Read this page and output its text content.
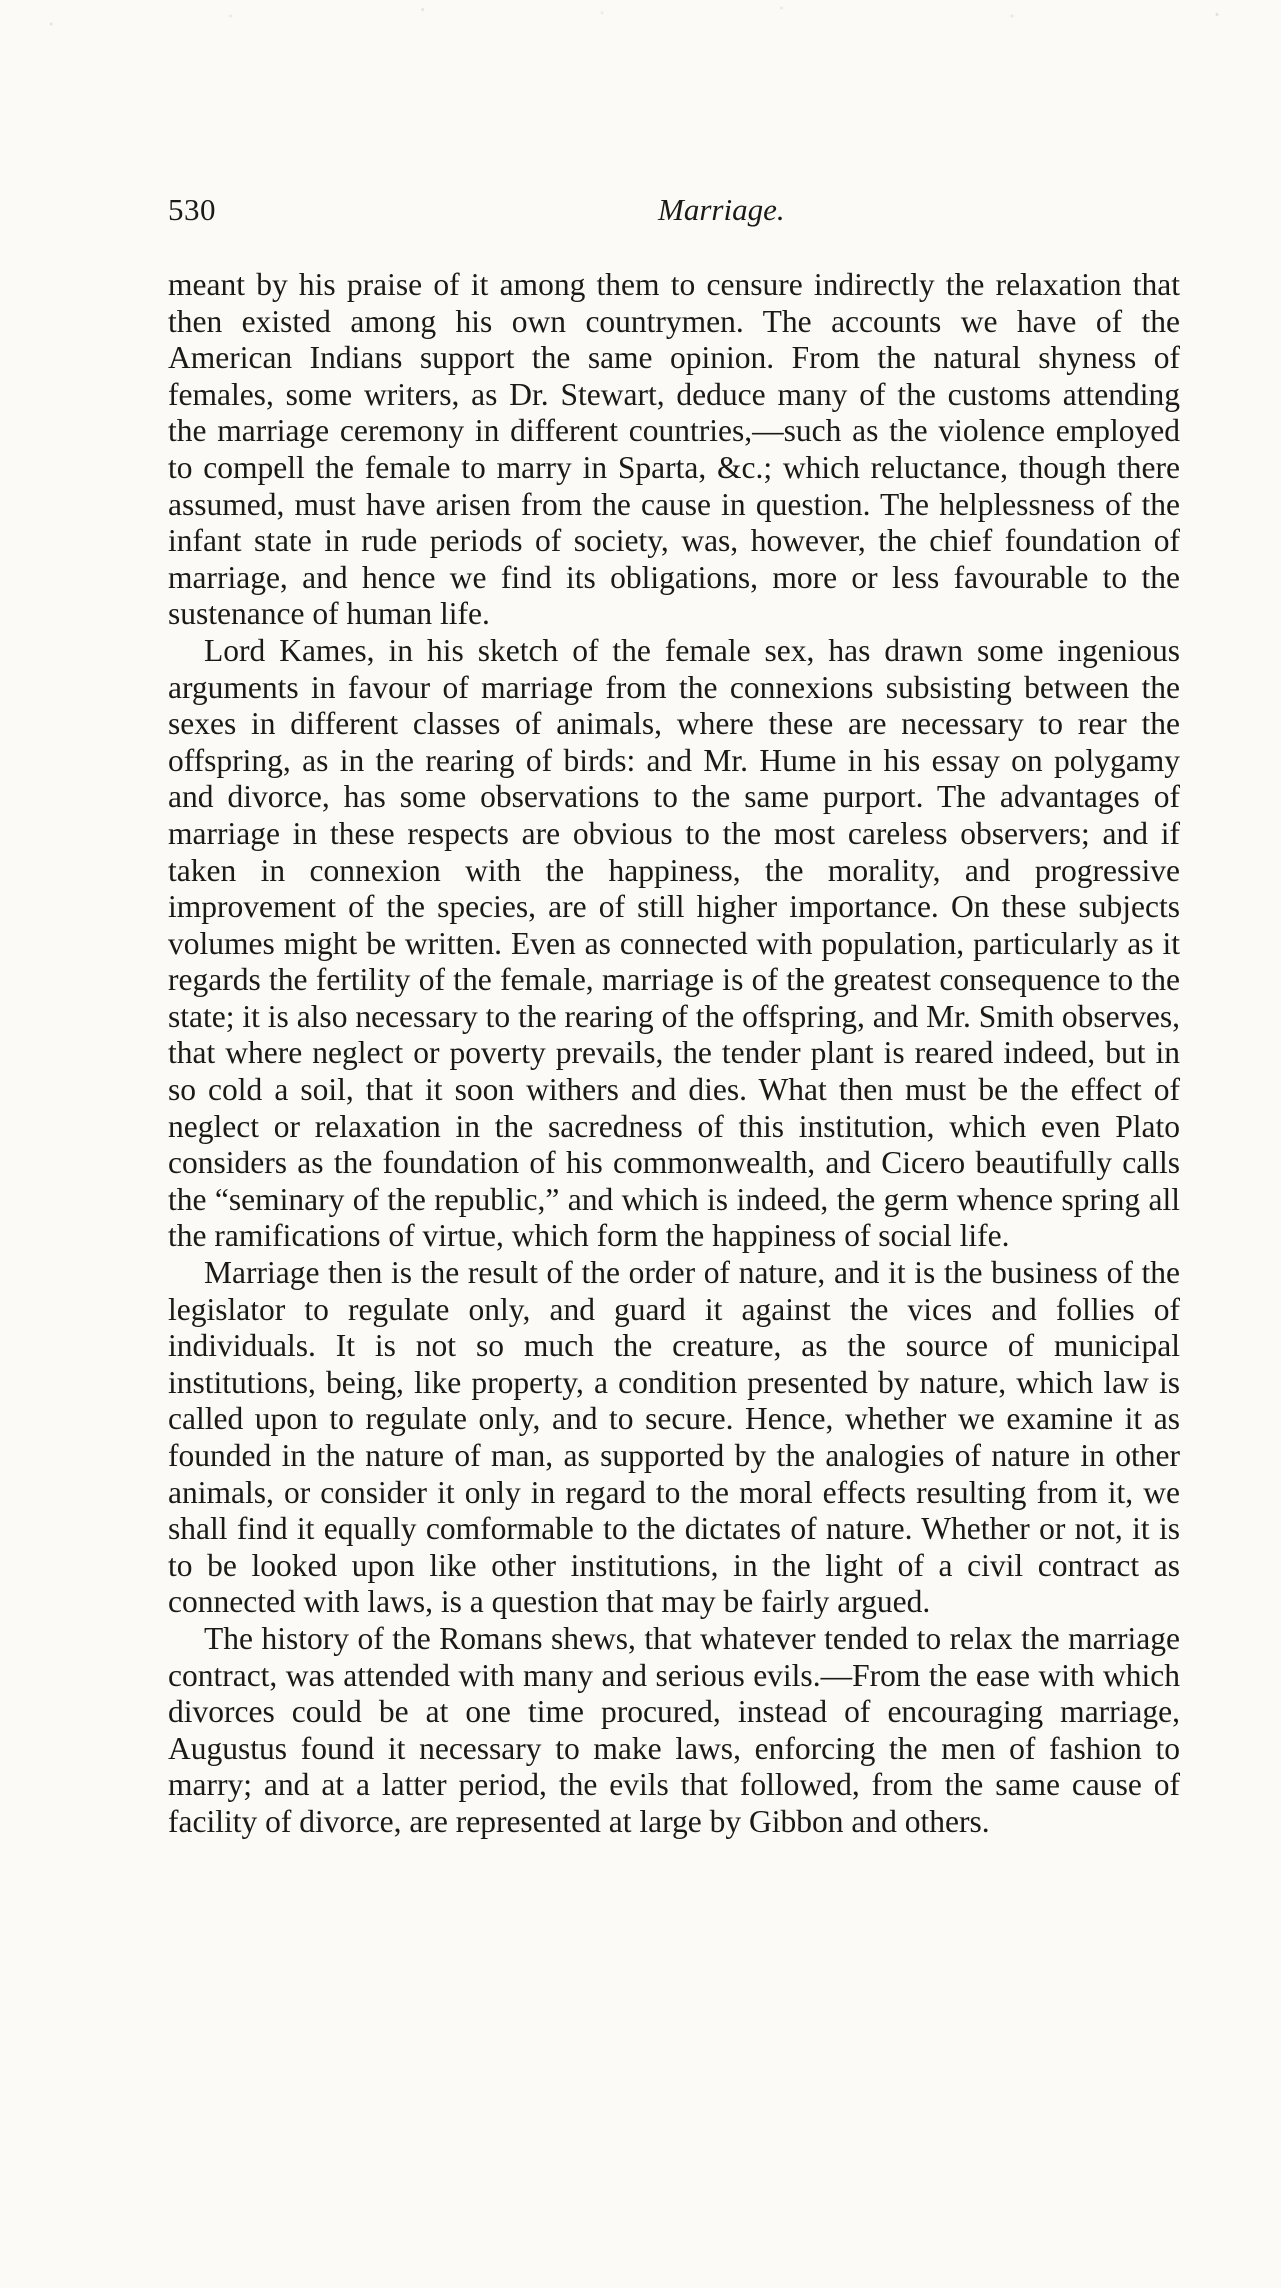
530	Marriage.

meant by his praise of it among them to censure indirectly the relaxation that then existed among his own countrymen. The accounts we have of the American Indians support the same opinion. From the natural shyness of females, some writers, as Dr. Stewart, deduce many of the customs attending the marriage ceremony in different countries,—such as the violence employed to compell the female to marry in Sparta, &c.; which reluctance, though there assumed, must have arisen from the cause in question. The helplessness of the infant state in rude periods of society, was, however, the chief foundation of marriage, and hence we find its obligations, more or less favourable to the sustenance of human life.

Lord Kames, in his sketch of the female sex, has drawn some ingenious arguments in favour of marriage from the connexions subsisting between the sexes in different classes of animals, where these are necessary to rear the offspring, as in the rearing of birds: and Mr. Hume in his essay on polygamy and divorce, has some observations to the same purport. The advantages of marriage in these respects are obvious to the most careless observers; and if taken in connexion with the happiness, the morality, and progressive improvement of the species, are of still higher importance. On these subjects volumes might be written. Even as connected with population, particularly as it regards the fertility of the female, marriage is of the greatest consequence to the state; it is also necessary to the rearing of the offspring, and Mr. Smith observes, that where neglect or poverty prevails, the tender plant is reared indeed, but in so cold a soil, that it soon withers and dies. What then must be the effect of neglect or relaxation in the sacredness of this institution, which even Plato considers as the foundation of his commonwealth, and Cicero beautifully calls the “seminary of the republic,” and which is indeed, the germ whence spring all the ramifications of virtue, which form the happiness of social life.

Marriage then is the result of the order of nature, and it is the business of the legislator to regulate only, and guard it against the vices and follies of individuals. It is not so much the creature, as the source of municipal institutions, being, like property, a condition presented by nature, which law is called upon to regulate only, and to secure. Hence, whether we examine it as founded in the nature of man, as supported by the analogies of nature in other animals, or consider it only in regard to the moral effects resulting from it, we shall find it equally comformable to the dictates of nature. Whether or not, it is to be looked upon like other institutions, in the light of a civil contract as connected with laws, is a question that may be fairly argued.

The history of the Romans shews, that whatever tended to relax the marriage contract, was attended with many and serious evils.—From the ease with which divorces could be at one time procured, instead of encouraging marriage, Augustus found it necessary to make laws, enforcing the men of fashion to marry; and at a latter period, the evils that followed, from the same cause of facility of divorce, are represented at large by Gibbon and others.
